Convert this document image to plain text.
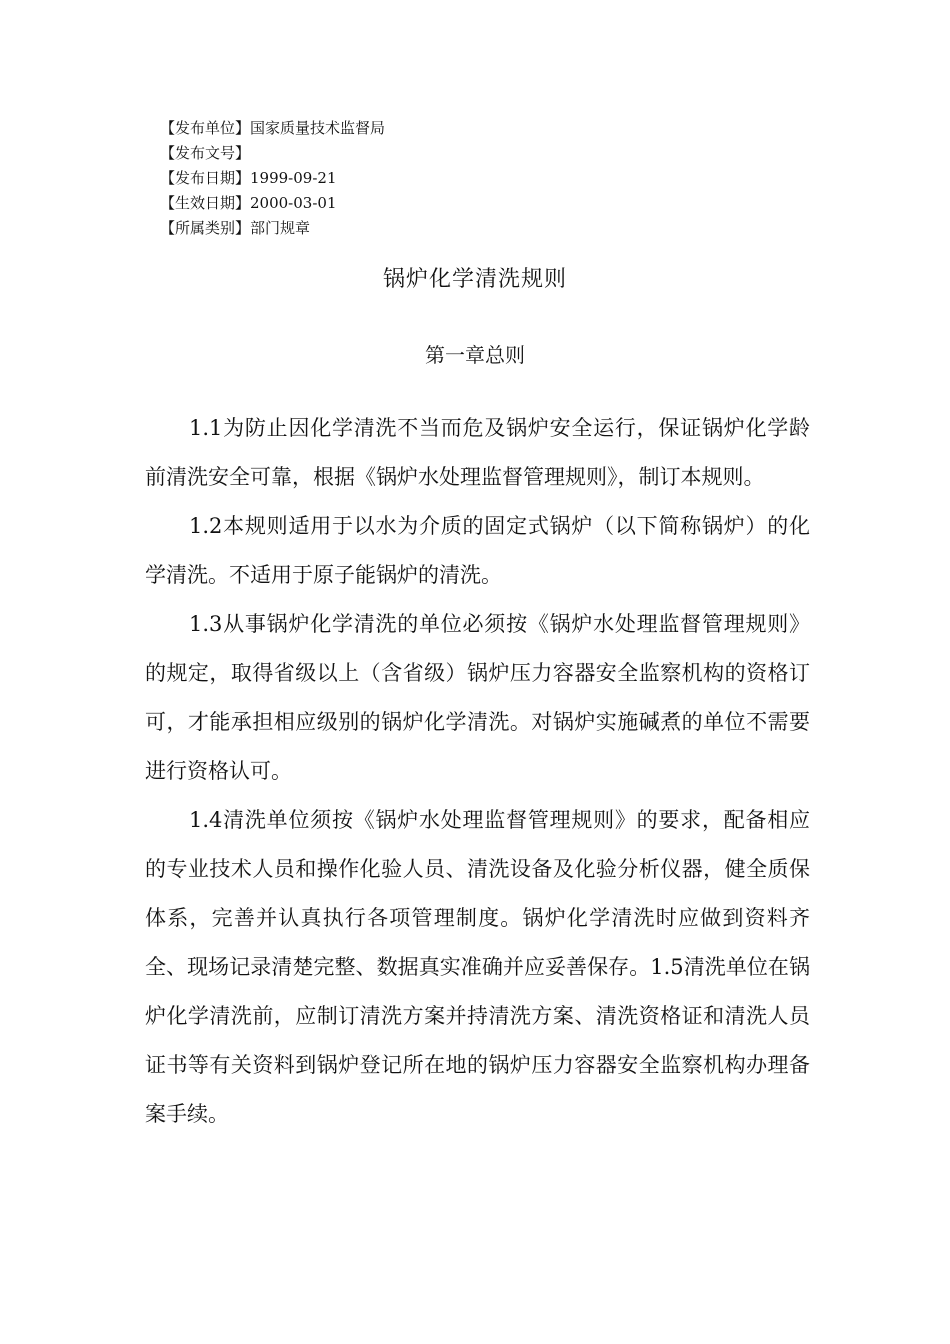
【发布单位】国家质量技术监督局
【发布文号】
【发布日期】1999-09-21
【生效日期】2000-03-01
【所属类别】部门规章
锅炉化学清洗规则
第一章总则

1.1为防止因化学清洗不当而危及锅炉安全运行，保证锅炉化学龄前清洗安全可靠，根据《锅炉水处理监督管理规则》，制订本规则。

1.2本规则适用于以水为介质的固定式锅炉（以下简称锅炉）的化学清洗。不适用于原子能锅炉的清洗。

1.3从事锅炉化学清洗的单位必须按《锅炉水处理监督管理规则》的规定，取得省级以上（含省级）锅炉压力容器安全监察机构的资格订可，才能承担相应级别的锅炉化学清洗。对锅炉实施碱煮的单位不需要进行资格认可。

1.4清洗单位须按《锅炉水处理监督管理规则》的要求，配备相应的专业技术人员和操作化验人员、清洗设备及化验分析仪器，健全质保体系，完善并认真执行各项管理制度。锅炉化学清洗时应做到资料齐全、现场记录清楚完整、数据真实准确并应妥善保存。1.5清洗单位在锅炉化学清洗前，应制订清洗方案并持清洗方案、清洗资格证和清洗人员证书等有关资料到锅炉登记所在地的锅炉压力容器安全监察机构办理备案手续。
